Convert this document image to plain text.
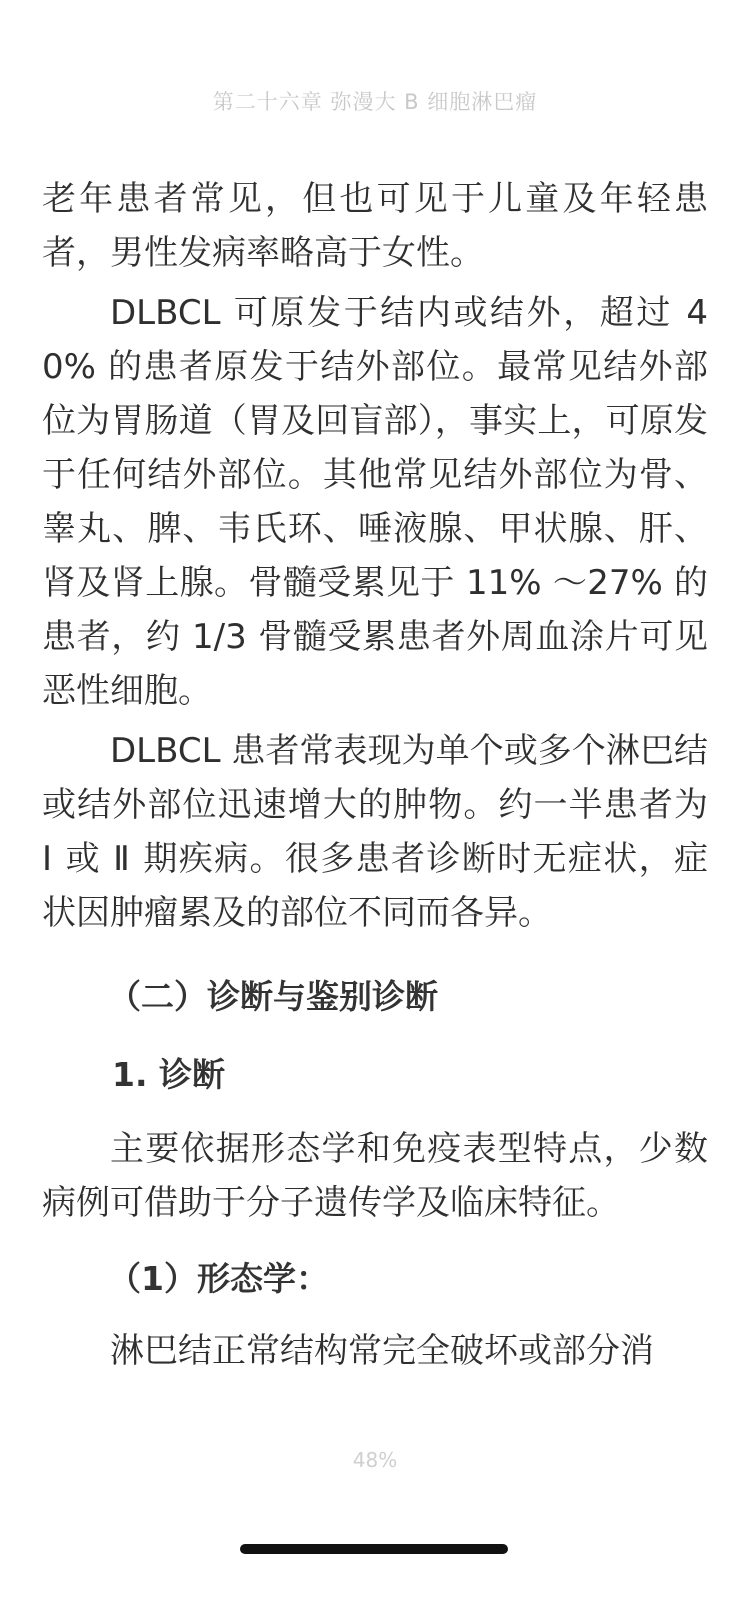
第二十六章 弥漫大 B 细胞淋巴瘤

老年患者常见，但也可见于儿童及年轻患者，男性发病率略高于女性。

DLBCL 可原发于结内或结外，超过 40% 的患者原发于结外部位。最常见结外部位为胃肠道（胃及回盲部），事实上，可原发于任何结外部位。其他常见结外部位为骨、睾丸、脾、韦氏环、唾液腺、甲状腺、肝、肾及肾上腺。骨髓受累见于 11% ～27% 的患者，约 1/3 骨髓受累患者外周血涂片可见恶性细胞。

DLBCL 患者常表现为单个或多个淋巴结或结外部位迅速增大的肿物。约一半患者为 Ⅰ 或 Ⅱ 期疾病。很多患者诊断时无症状，症状因肿瘤累及的部位不同而各异。

（二）诊断与鉴别诊断
1. 诊断

主要依据形态学和免疫表型特点，少数病例可借助于分子遗传学及临床特征。

（1）形态学：

淋巴结正常结构常完全破坏或部分消

48%
